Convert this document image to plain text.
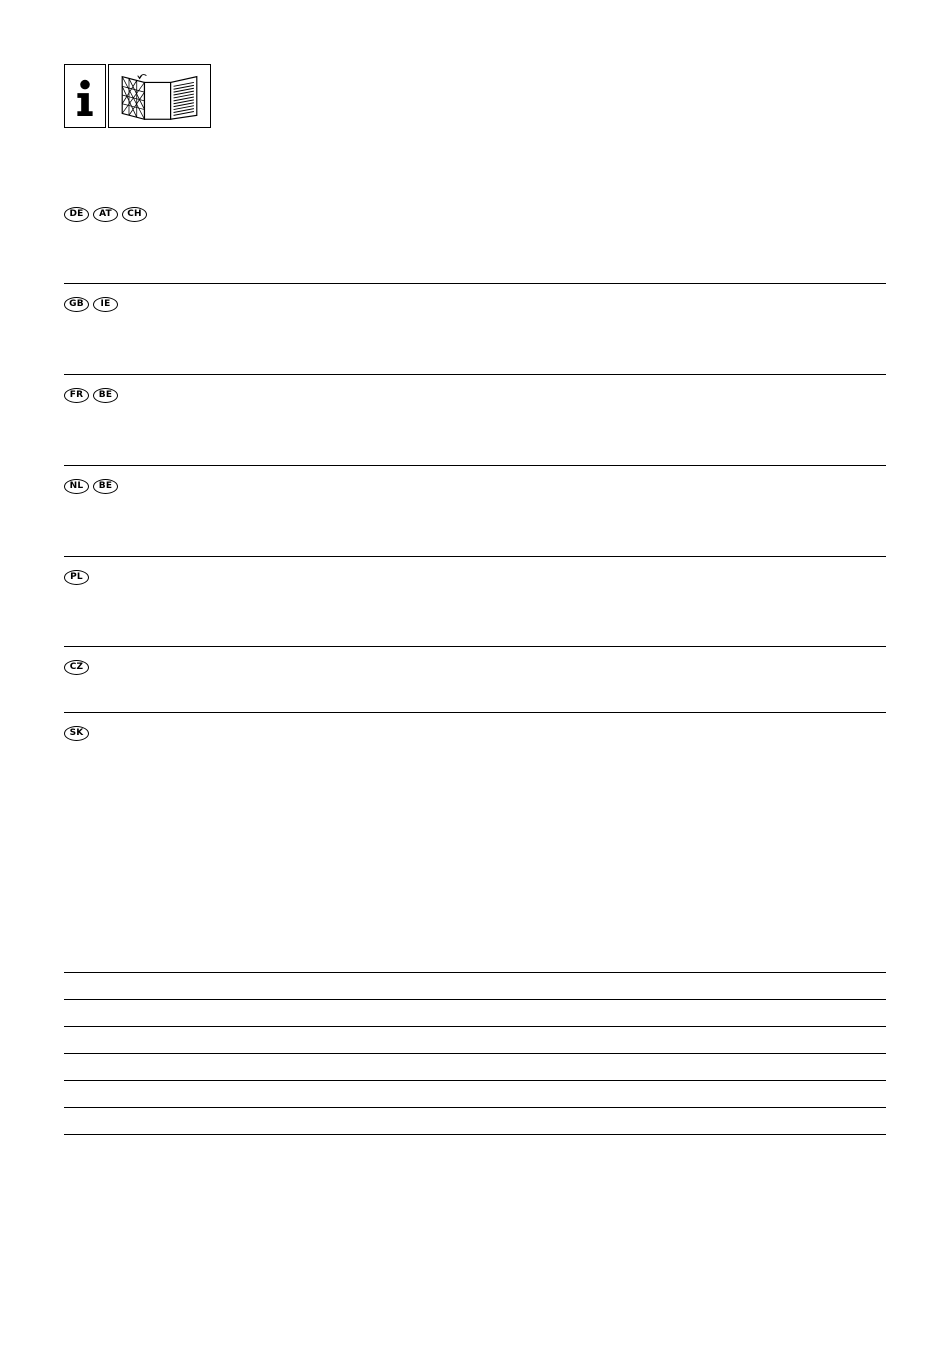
DE	AT	CH
GB	IE
FR	BE
NL	BE
PL
CZ
SK
